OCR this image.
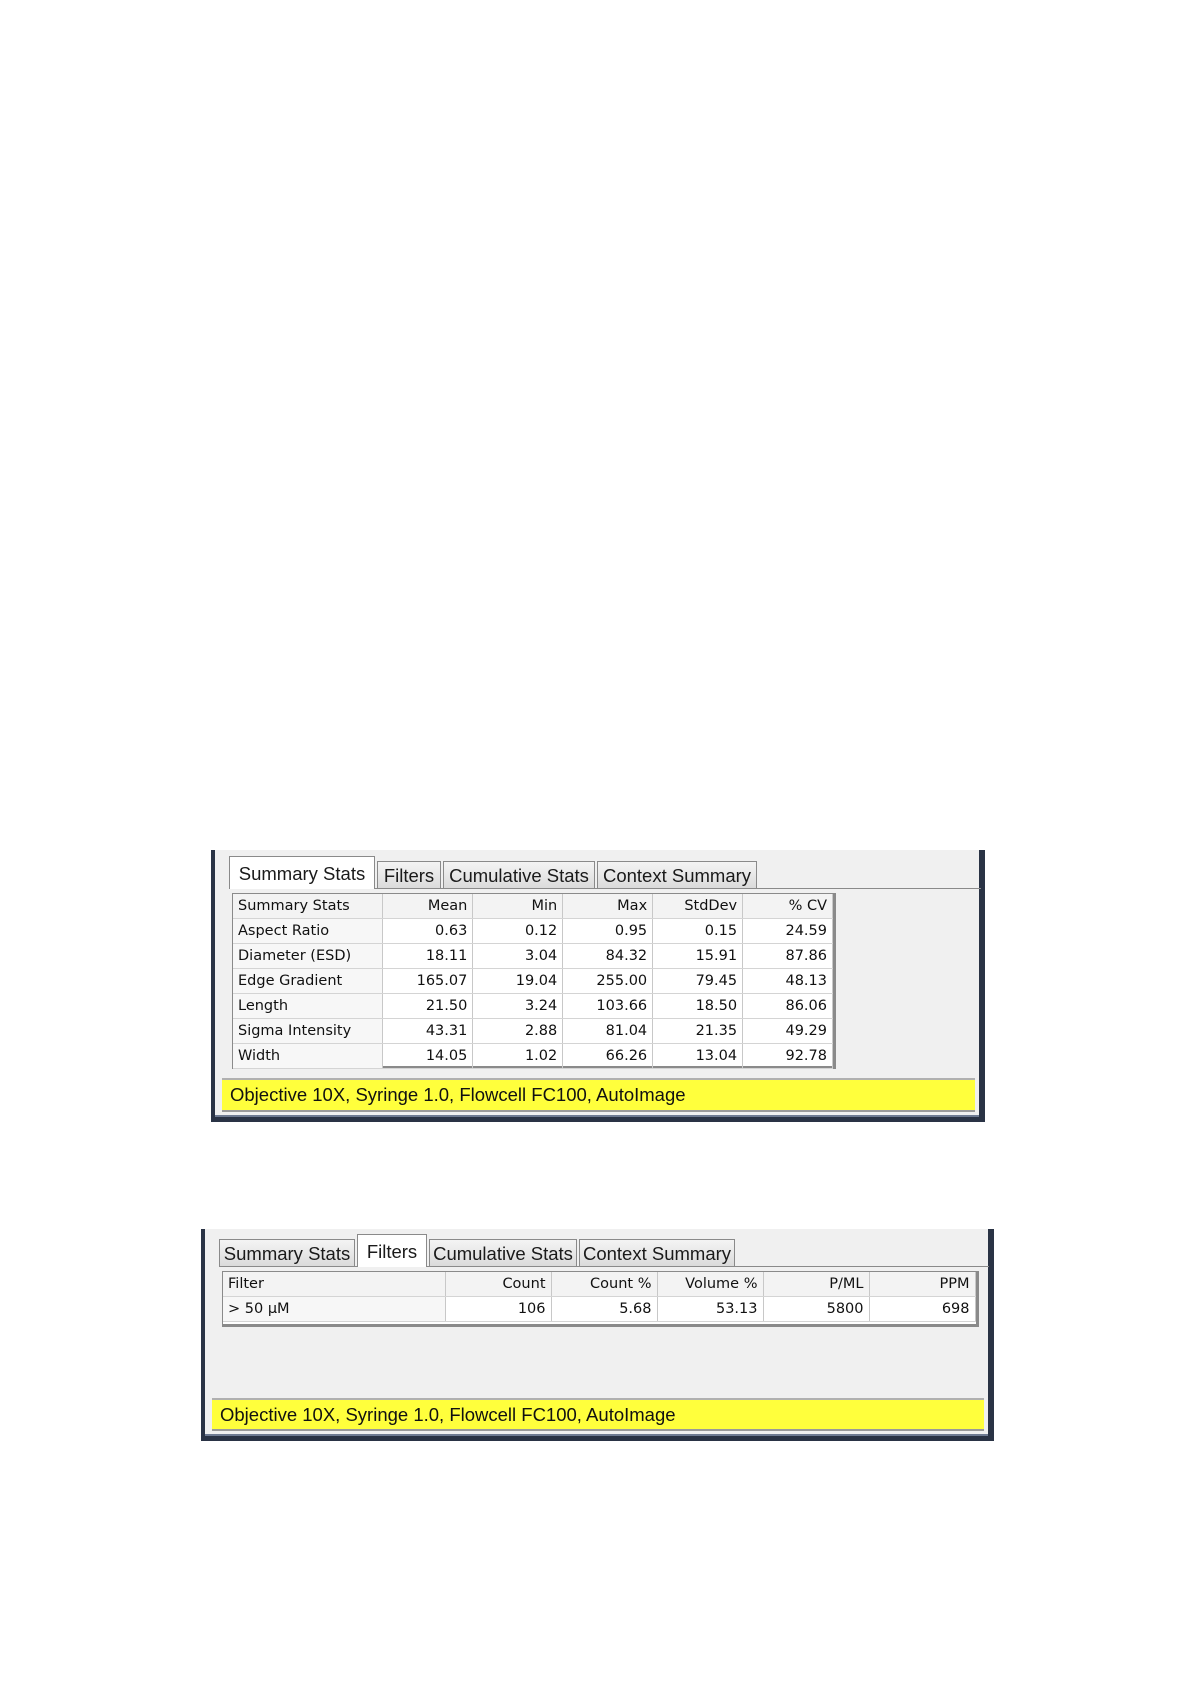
Summary Stats	Filters Cumulative Stats Context Summary
Summary Stats	Mean	Min	Max	StdDev	% CV
Aspect Ratio	0.63	0.12	0.95	0.15	24.59
Diameter (ESD)	18.11	3.04	84.32	15.91	87.86
Edge Gradient	165.07	19.04	255.00	79.45	48.13
Length	21.50	3.24	103.66	18.50	86.06
Sigma Intensity	43.31	2.88	81.04	21.35	49.29
Width	14.05	1.02	66.26	13.04	92.78
Objective 10X, Syringe 1.0, Flowcell FC100, AutoImage
Summary Stats Filters Cumulative Stats Context Summary
Filter	Count	Count %	Volume %	P/ML	PPM
> 50 µM	106	5.68	53.13	5800	698
Objective 10X, Syringe 1.0, Flowcell FC100, AutoImage
